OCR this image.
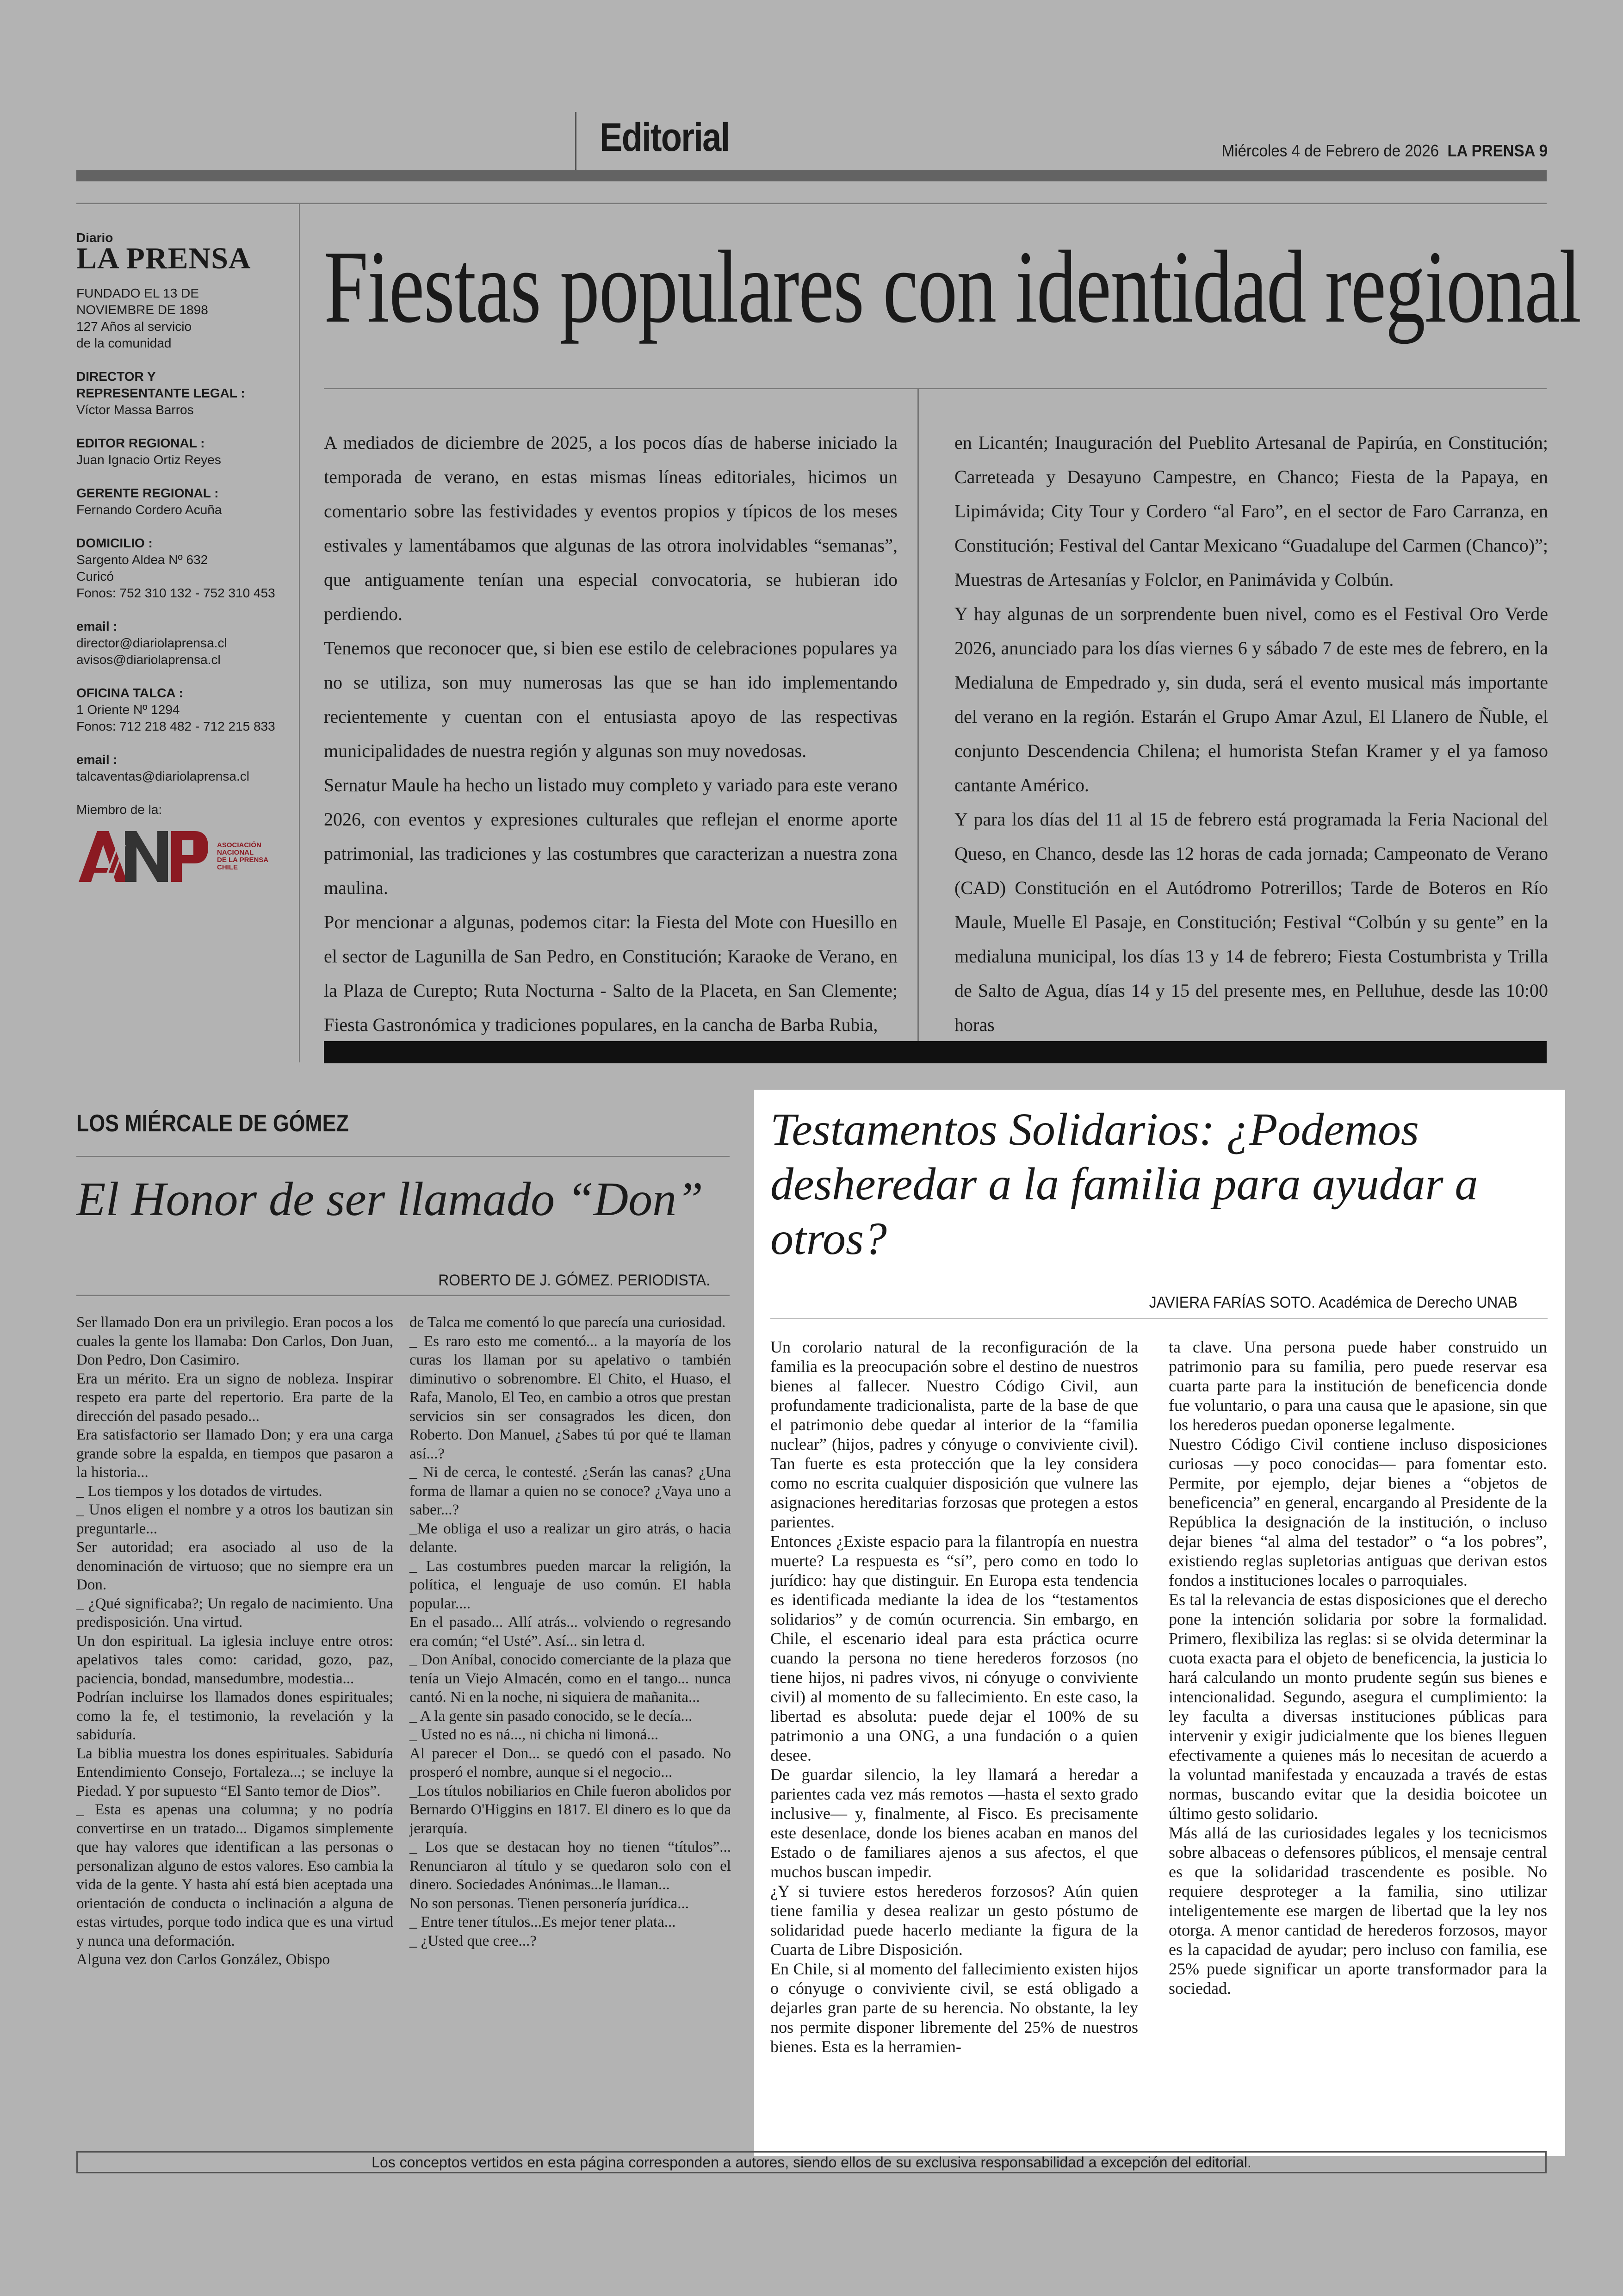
Editorial	Miércoles 4 de Febrero de 2026 LA PRENSA 9
Diario
LA PRENSA
FUNDADO EL 13 DE
NOVIEMBRE DE 1898
127 Años al servicio
de la comunidad
DIRECTOR Y
REPRESENTANTE LEGAL :
Víctor Massa Barros
EDITOR REGIONAL :
Juan Ignacio Ortiz Reyes
GERENTE REGIONAL :
Fernando Cordero Acuña
DOMICILIO :
Sargento Aldea Nº 632
Curicó
Fonos: 752 310 132 - 752 310 453
email :
director@diariolaprensa.cl
avisos@diariolaprensa.cl
OFICINA TALCA :
1 Oriente Nº 1294
Fonos: 712 218 482 - 712 215 833
email :
talcaventas@diariolaprensa.cl
Miembro de la:
ASOCIACIÓN
NACIONAL
DE LA PRENSA
CHILE
Fiestas populares con identidad regional

A mediados de diciembre de 2025, a los pocos días de haberse iniciado la temporada de verano, en estas mismas líneas editoriales, hicimos un comentario sobre las festividades y eventos propios y típicos de los meses estivales y lamentábamos que algunas de las otrora inolvidables “semanas”, que antiguamente tenían una especial convocatoria, se hubieran ido perdiendo.

Tenemos que reconocer que, si bien ese estilo de celebraciones populares ya no se utiliza, son muy numerosas las que se han ido implementando recientemente y cuentan con el entusiasta apoyo de las respectivas municipalidades de nuestra región y algunas son muy novedosas.

Sernatur Maule ha hecho un listado muy completo y variado para este verano 2026, con eventos y expresiones culturales que reflejan el enorme aporte patrimonial, las tradiciones y las costumbres que caracterizan a nuestra zona maulina.

Por mencionar a algunas, podemos citar: la Fiesta del Mote con Huesillo en el sector de Lagunilla de San Pedro, en Constitución; Karaoke de Verano, en la Plaza de Curepto; Ruta Nocturna - Salto de la Placeta, en San Clemente; Fiesta Gastronómica y tradiciones populares, en la cancha de Barba Rubia,

en Licantén; Inauguración del Pueblito Artesanal de Papirúa, en Constitución; Carreteada y Desayuno Campestre, en Chanco; Fiesta de la Papaya, en Lipimávida; City Tour y Cordero “al Faro”, en el sector de Faro Carranza, en Constitución; Festival del Cantar Mexicano “Guadalupe del Carmen (Chanco)”; Muestras de Artesanías y Folclor, en Panimávida y Colbún.

Y hay algunas de un sorprendente buen nivel, como es el Festival Oro Verde 2026, anunciado para los días viernes 6 y sábado 7 de este mes de febrero, en la Medialuna de Empedrado y, sin duda, será el evento musical más importante del verano en la región. Estarán el Grupo Amar Azul, El Llanero de Ñuble, el conjunto Descendencia Chilena; el humorista Stefan Kramer y el ya famoso cantante Américo.

Y para los días del 11 al 15 de febrero está programada la Feria Nacional del Queso, en Chanco, desde las 12 horas de cada jornada; Campeonato de Verano (CAD) Constitución en el Autódromo Potrerillos; Tarde de Boteros en Río Maule, Muelle El Pasaje, en Constitución; Festival “Colbún y su gente” en la medialuna municipal, los días 13 y 14 de febrero; Fiesta Costumbrista y Trilla de Salto de Agua, días 14 y 15 del presente mes, en Pelluhue, desde las 10:00 horas

LOS MIÉRCALE DE GÓMEZ
El Honor de ser llamado “Don”
ROBERTO DE J. GÓMEZ. PERIODISTA.

Ser llamado Don era un privilegio. Eran pocos a los cuales la gente los llamaba: Don Carlos, Don Juan, Don Pedro, Don Casimiro.

Era un mérito. Era un signo de nobleza. Inspirar respeto era parte del repertorio. Era parte de la dirección del pasado pesado...

Era satisfactorio ser llamado Don; y era una carga grande sobre la espalda, en tiempos que pasaron a la historia...

_ Los tiempos y los dotados de virtudes.

_ Unos eligen el nombre y a otros los bautizan sin preguntarle...

Ser autoridad; era asociado al uso de la denominación de virtuoso; que no siempre era un Don.

_ ¿Qué significaba?; Un regalo de nacimiento. Una predisposición. Una virtud.

Un don espiritual. La iglesia incluye entre otros: apelativos tales como: caridad, gozo, paz, paciencia, bondad, mansedumbre, modestia...

Podrían incluirse los llamados dones espirituales; como la fe, el testimonio, la revelación y la sabiduría.

La biblia muestra los dones espirituales. Sabiduría Entendimiento Consejo, Fortaleza...; se incluye la Piedad. Y por supuesto “El Santo temor de Dios”.

_ Esta es apenas una columna; y no podría convertirse en un tratado... Digamos simplemente que hay valores que identifican a las personas o personalizan alguno de estos valores. Eso cambia la vida de la gente. Y hasta ahí está bien aceptada una orientación de conducta o inclinación a alguna de estas virtudes, porque todo indica que es una virtud y nunca una deformación.

Alguna vez don Carlos González, Obispo

de Talca me comentó lo que parecía una curiosidad.

_ Es raro esto me comentó... a la mayoría de los curas los llaman por su apelativo o también diminutivo o sobrenombre. El Chito, el Huaso, el Rafa, Manolo, El Teo, en cambio a otros que prestan servicios sin ser consagrados les dicen, don Roberto. Don Manuel, ¿Sabes tú por qué te llaman así...?

_ Ni de cerca, le contesté. ¿Serán las canas? ¿Una forma de llamar a quien no se conoce? ¿Vaya uno a saber...?

_Me obliga el uso a realizar un giro atrás, o hacia delante.

_ Las costumbres pueden marcar la religión, la política, el lenguaje de uso común. El habla popular....

En el pasado... Allí atrás... volviendo o regresando era común; “el Usté”. Así... sin letra d.

_ Don Aníbal, conocido comerciante de la plaza que tenía un Viejo Almacén, como en el tango... nunca cantó. Ni en la noche, ni siquiera de mañanita...

_ A la gente sin pasado conocido, se le decía...

_ Usted no es ná..., ni chicha ni limoná...

Al parecer el Don... se quedó con el pasado. No prosperó el nombre, aunque si el negocio...

_Los títulos nobiliarios en Chile fueron abolidos por Bernardo O'Higgins en 1817. El dinero es lo que da jerarquía.

_ Los que se destacan hoy no tienen “títulos”... Renunciaron al título y se quedaron solo con el dinero. Sociedades Anónimas...le llaman...

No son personas. Tienen personería jurídica...

_ Entre tener títulos...Es mejor tener plata...

_ ¿Usted que cree...?

Testamentos Solidarios: ¿Podemos desheredar a la familia para ayudar a otros?
JAVIERA FARÍAS SOTO. Académica de Derecho UNAB

Un corolario natural de la reconfiguración de la familia es la preocupación sobre el destino de nuestros bienes al fallecer. Nuestro Código Civil, aun profundamente tradicionalista, parte de la base de que el patrimonio debe quedar al interior de la “familia nuclear” (hijos, padres y cónyuge o conviviente civil). Tan fuerte es esta protección que la ley considera como no escrita cualquier disposición que vulnere las asignaciones hereditarias forzosas que protegen a estos parientes.

Entonces ¿Existe espacio para la filantropía en nuestra muerte? La respuesta es “sí”, pero como en todo lo jurídico: hay que distinguir. En Europa esta tendencia es identificada mediante la idea de los “testamentos solidarios” y de común ocurrencia. Sin embargo, en Chile, el escenario ideal para esta práctica ocurre cuando la persona no tiene herederos forzosos (no tiene hijos, ni padres vivos, ni cónyuge o conviviente civil) al momento de su fallecimiento. En este caso, la libertad es absoluta: puede dejar el 100% de su patrimonio a una ONG, a una fundación o a quien desee.

De guardar silencio, la ley llamará a heredar a parientes cada vez más remotos —hasta el sexto grado inclusive— y, finalmente, al Fisco. Es precisamente este desenlace, donde los bienes acaban en manos del Estado o de familiares ajenos a sus afectos, el que muchos buscan impedir.

¿Y si tuviere estos herederos forzosos? Aún quien tiene familia y desea realizar un gesto póstumo de solidaridad puede hacerlo mediante la figura de la Cuarta de Libre Disposición.

En Chile, si al momento del fallecimiento existen hijos o cónyuge o conviviente civil, se está obligado a dejarles gran parte de su herencia. No obstante, la ley nos permite disponer libremente del 25% de nuestros bienes. Esta es la herramien-

ta clave. Una persona puede haber construido un patrimonio para su familia, pero puede reservar esa cuarta parte para la institución de beneficencia donde fue voluntario, o para una causa que le apasione, sin que los herederos puedan oponerse legalmente.

Nuestro Código Civil contiene incluso disposiciones curiosas —y poco conocidas— para fomentar esto. Permite, por ejemplo, dejar bienes a “objetos de beneficencia” en general, encargando al Presidente de la República la designación de la institución, o incluso dejar bienes “al alma del testador” o “a los pobres”, existiendo reglas supletorias antiguas que derivan estos fondos a instituciones locales o parroquiales.

Es tal la relevancia de estas disposiciones que el derecho pone la intención solidaria por sobre la formalidad. Primero, flexibiliza las reglas: si se olvida determinar la cuota exacta para el objeto de beneficencia, la justicia lo hará calculando un monto prudente según sus bienes e intencionalidad. Segundo, asegura el cumplimiento: la ley faculta a diversas instituciones públicas para intervenir y exigir judicialmente que los bienes lleguen efectivamente a quienes más lo necesitan de acuerdo a la voluntad manifestada y encauzada a través de estas normas, buscando evitar que la desidia boicotee un último gesto solidario.

Más allá de las curiosidades legales y los tecnicismos sobre albaceas o defensores públicos, el mensaje central es que la solidaridad trascendente es posible. No requiere desproteger a la familia, sino utilizar inteligentemente ese margen de libertad que la ley nos otorga. A menor cantidad de herederos forzosos, mayor es la capacidad de ayudar; pero incluso con familia, ese 25% puede significar un aporte transformador para la sociedad.

Los conceptos vertidos en esta página corresponden a autores, siendo ellos de su exclusiva responsabilidad a excepción del editorial.
